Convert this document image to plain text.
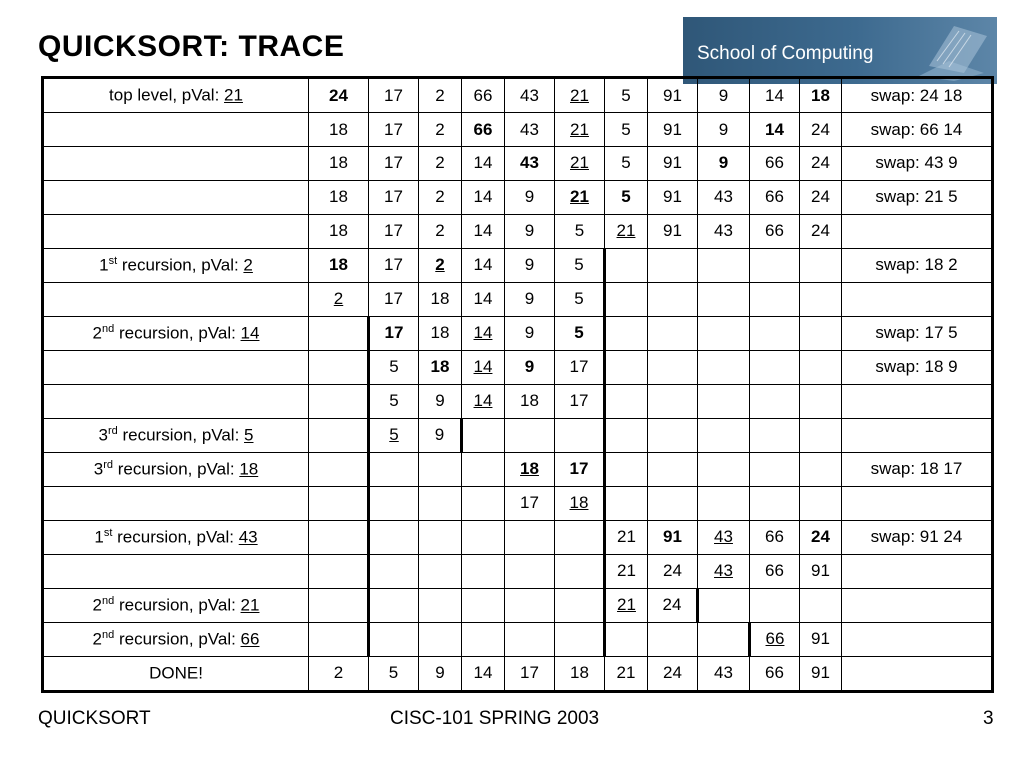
QUICKSORT: TRACE	School of Computing
top level, pVal: 21	24	17	2	66	43	21	5	91	9	14	18	swap: 24 18
	18	17	2	66	43	21	5	91	9	14	24	swap: 66 14
	18	17	2	14	43	21	5	91	9	66	24	swap: 43 9
	18	17	2	14	9	21	5	91	43	66	24	swap: 21 5
	18	17	2	14	9	5	21	91	43	66	24	
1st recursion, pVal: 2	18	17	2	14	9	5						swap: 18 2
	2	17	18	14	9	5						
2nd recursion, pVal: 14		17	18	14	9	5						swap: 17 5
		5	18	14	9	17						swap: 18 9
		5	9	14	18	17						
3rd recursion, pVal: 5		5	9									
3rd recursion, pVal: 18					18	17						swap: 18 17
					17	18						
1st recursion, pVal: 43							21	91	43	66	24	swap: 91 24
							21	24	43	66	91	
2nd recursion, pVal: 21							21	24				
2nd recursion, pVal: 66										66	91	
DONE!	2	5	9	14	17	18	21	24	43	66	91	
QUICKSORT	CISC-101 SPRING 2003	3
